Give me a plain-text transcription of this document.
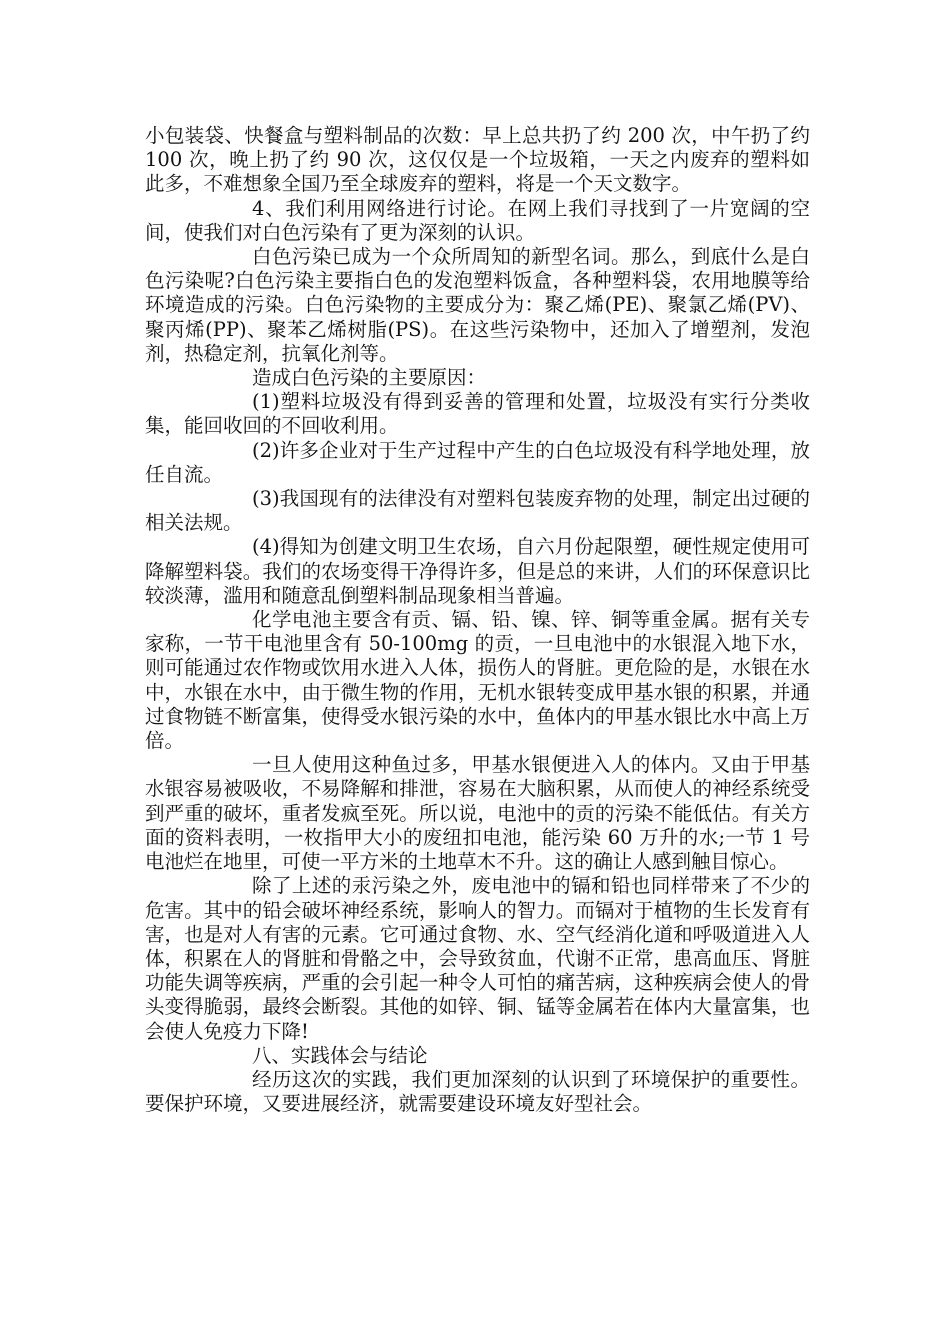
小包装袋、快餐盒与塑料制品的次数：早上总共扔了约 200 次，中午扔了约 100 次，晚上扔了约 90 次，这仅仅是一个垃圾箱，一天之内废弃的塑料如此多，不难想象全国乃至全球废弃的塑料，将是一个天文数字。

4、我们利用网络进行讨论。在网上我们寻找到了一片宽阔的空间，使我们对白色污染有了更为深刻的认识。

白色污染已成为一个众所周知的新型名词。那么，到底什么是白色污染呢?白色污染主要指白色的发泡塑料饭盒，各种塑料袋，农用地膜等给环境造成的污染。白色污染物的主要成分为：聚乙烯(PE)、聚氯乙烯(PV)、聚丙烯(PP)、聚苯乙烯树脂(PS)。在这些污染物中，还加入了增塑剂，发泡剂，热稳定剂，抗氧化剂等。

造成白色污染的主要原因：

(1)塑料垃圾没有得到妥善的管理和处置，垃圾没有实行分类收集，能回收回的不回收利用。

(2)许多企业对于生产过程中产生的白色垃圾没有科学地处理，放任自流。

(3)我国现有的法律没有对塑料包装废弃物的处理，制定出过硬的相关法规。

(4)得知为创建文明卫生农场，自六月份起限塑，硬性规定使用可降解塑料袋。我们的农场变得干净得许多，但是总的来讲，人们的环保意识比较淡薄，滥用和随意乱倒塑料制品现象相当普遍。

化学电池主要含有贡、镉、铅、镍、锌、铜等重金属。据有关专家称，一节干电池里含有 50-100mg 的贡，一旦电池中的水银混入地下水，则可能通过农作物或饮用水进入人体，损伤人的肾脏。更危险的是，水银在水中，水银在水中，由于微生物的作用，无机水银转变成甲基水银的积累，并通过食物链不断富集，使得受水银污染的水中，鱼体内的甲基水银比水中高上万倍。

一旦人使用这种鱼过多，甲基水银便进入人的体内。又由于甲基水银容易被吸收，不易降解和排泄，容易在大脑积累，从而使人的神经系统受到严重的破坏，重者发疯至死。所以说，电池中的贡的污染不能低估。有关方面的资料表明，一枚指甲大小的废纽扣电池，能污染 60 万升的水;一节 1 号电池烂在地里，可使一平方米的土地草木不升。这的确让人感到触目惊心。

除了上述的汞污染之外，废电池中的镉和铅也同样带来了不少的危害。其中的铅会破坏神经系统，影响人的智力。而镉对于植物的生长发育有害，也是对人有害的元素。它可通过食物、水、空气经消化道和呼吸道进入人体，积累在人的肾脏和骨骼之中，会导致贫血，代谢不正常，患高血压、肾脏功能失调等疾病，严重的会引起一种令人可怕的痛苦病，这种疾病会使人的骨头变得脆弱，最终会断裂。其他的如锌、铜、锰等金属若在体内大量富集，也会使人免疫力下降!

八、实践体会与结论

经历这次的实践，我们更加深刻的认识到了环境保护的重要性。要保护环境，又要进展经济，就需要建设环境友好型社会。
